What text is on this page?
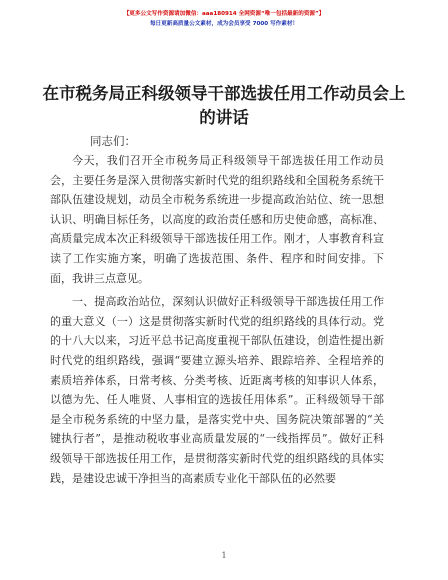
【更多公文写作资源请加微信：aaa180914 全网资源“唯一包括最新的资源”】
每日更新高质量公文素材，成为会员享受 7000 写作素材！
在市税务局正科级领导干部选拔任用工作动员会上的讲话
同志们：

今天，我们召开全市税务局正科级领导干部选拔任用工作动员会，主要任务是深入贯彻落实新时代党的组织路线和全国税务系统干部队伍建设规划，动员全市税务系统进一步提高政治站位、统一思想认识、明确目标任务，以高度的政治责任感和历史使命感，高标准、高质量完成本次正科级领导干部选拔任用工作。刚才，人事教育科宣读了工作实施方案，明确了选拔范围、条件、程序和时间安排。下面，我讲三点意见。

一、提高政治站位，深刻认识做好正科级领导干部选拔任用工作的重大意义（一）这是贯彻落实新时代党的组织路线的具体行动。党的十八大以来，习近平总书记高度重视干部队伍建设，创造性提出新时代党的组织路线，强调“要建立源头培养、跟踪培养、全程培养的素质培养体系，日常考核、分类考核、近距离考核的知事识人体系，以德为先、任人唯贤、人事相宜的选拔任用体系”。正科级领导干部是全市税务系统的中坚力量，是落实党中央、国务院决策部署的“关键执行者”，是推动税收事业高质量发展的“一线指挥员”。做好正科级领导干部选拔任用工作，是贯彻落实新时代党的组织路线的具体实践，是建设忠诚干净担当的高素质专业化干部队伍的必然要

1
